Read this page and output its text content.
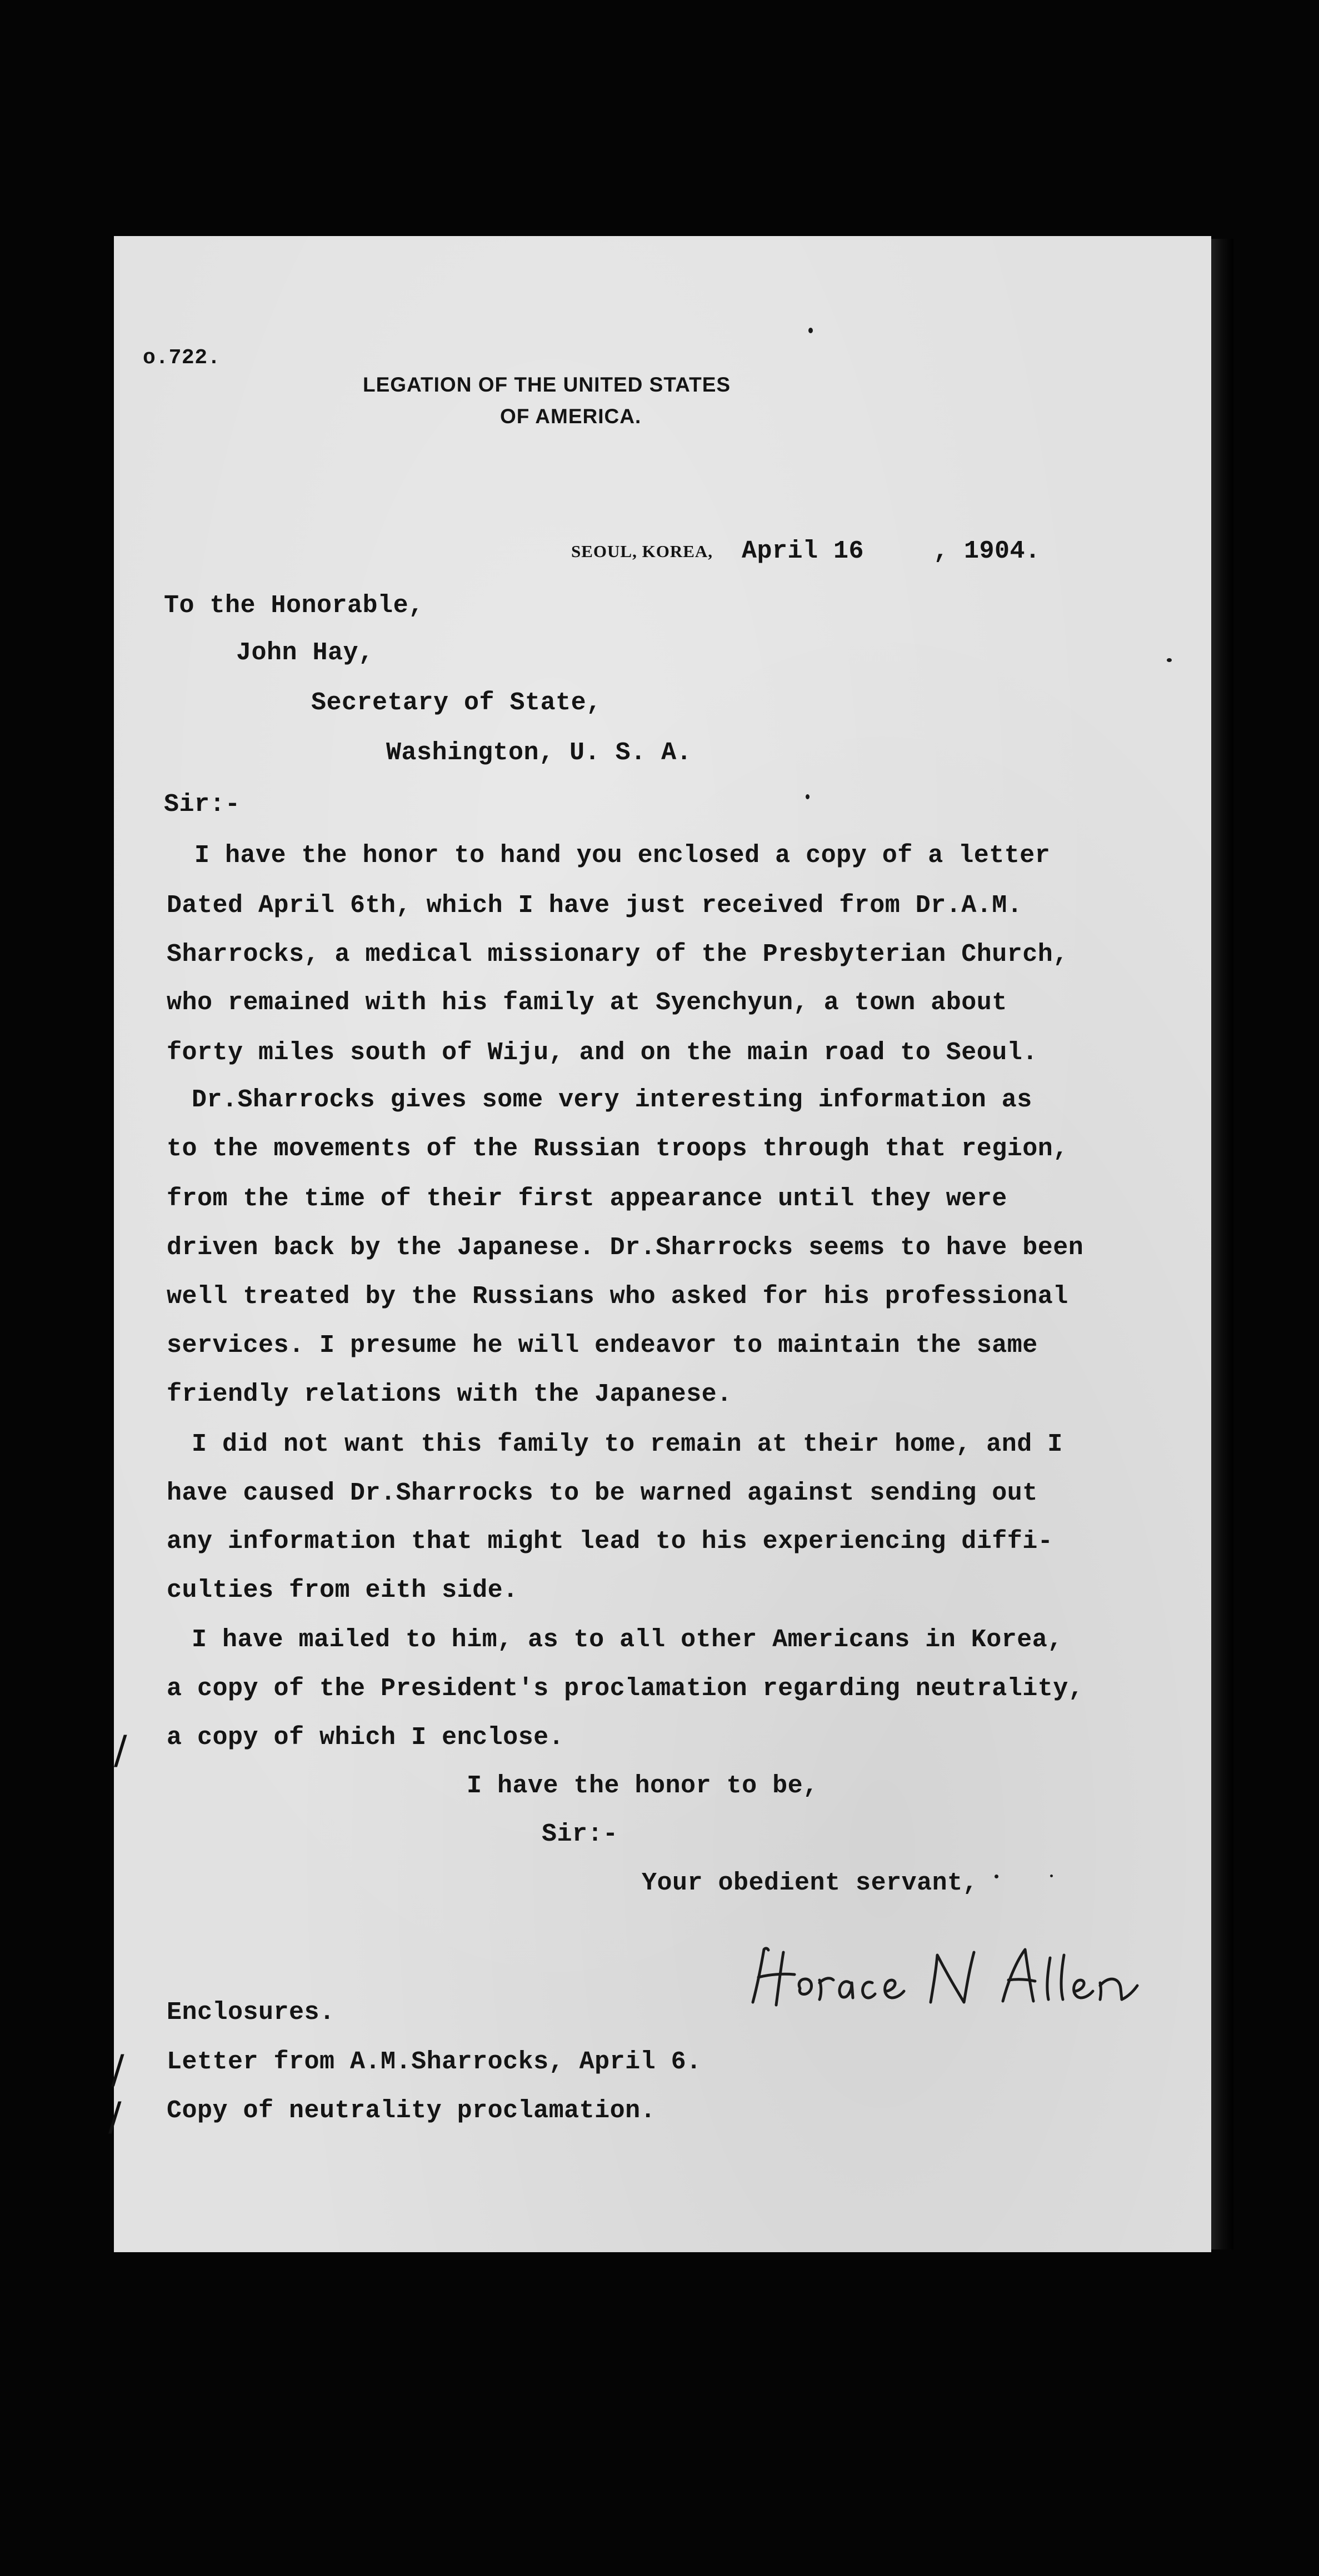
o.722.
LEGATION OF THE UNITED STATES
OF AMERICA.
SEOUL, KOREA, April 16	, 1904.
To the Honorable,
John Hay,
Secretary of State,
Washington, U. S. A.
Sir:-
I have the honor to hand you enclosed a copy of a letter
Dated April 6th, which I have just received from Dr.A.M.
Sharrocks, a medical missionary of the Presbyterian Church,
who remained with his family at Syenchyun, a town about
forty miles south of Wiju, and on the main road to Seoul.
Dr.Sharrocks gives some very interesting information as
to the movements of the Russian troops through that region,
from the time of their first appearance until they were
driven back by the Japanese. Dr.Sharrocks seems to have been
well treated by the Russians who asked for his professional
services. I presume he will endeavor to maintain the same
friendly relations with the Japanese.
I did not want this family to remain at their home, and I
have caused Dr.Sharrocks to be warned against sending out
any information that might lead to his experiencing diffi-
culties from eith side.
I have mailed to him, as to all other Americans in Korea,
a copy of the President's proclamation regarding neutrality,
a copy of which I enclose.
I have the honor to be,
Sir:-
Your obedient servant,
Enclosures.
Letter from A.M.Sharrocks, April 6.
Copy of neutrality proclamation.
/
/
/
